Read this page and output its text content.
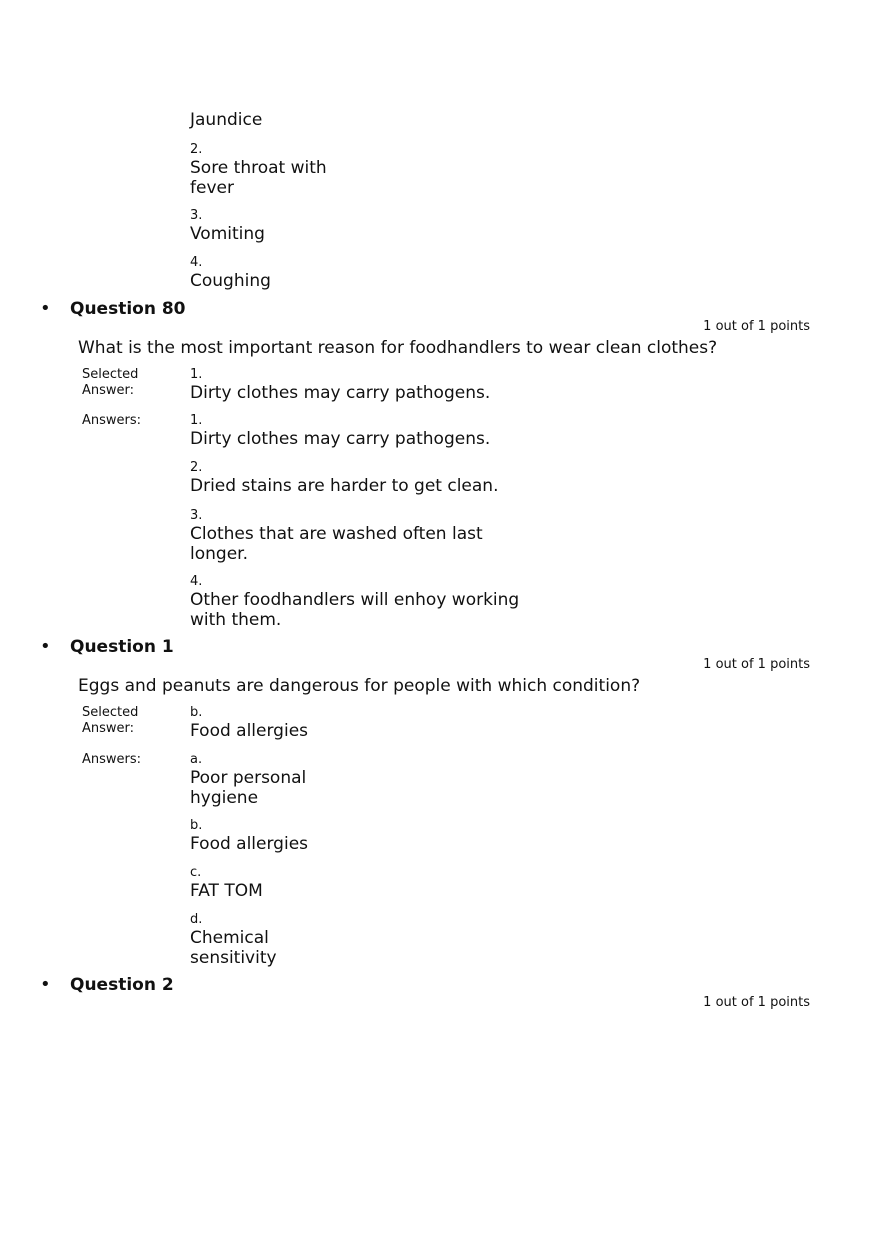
Jaundice
2.
Sore throat with fever
3.
Vomiting
4.
Coughing
• Question 80
1 out of 1 points
What is the most important reason for foodhandlers to wear clean clothes?
Selected Answer:
1.
Dirty clothes may carry pathogens.
Answers:	1.
Dirty clothes may carry pathogens.
2.
Dried stains are harder to get clean.
3.
Clothes that are washed often last longer.
4.
Other foodhandlers will enhoy working with them.
• Question 1
1 out of 1 points
Eggs and peanuts are dangerous for people with which condition?
Selected Answer:
b.
Food allergies
Answers:	a.
Poor personal hygiene
b.
Food allergies
c.
FAT TOM
d.
Chemical sensitivity
• Question 2
1 out of 1 points
